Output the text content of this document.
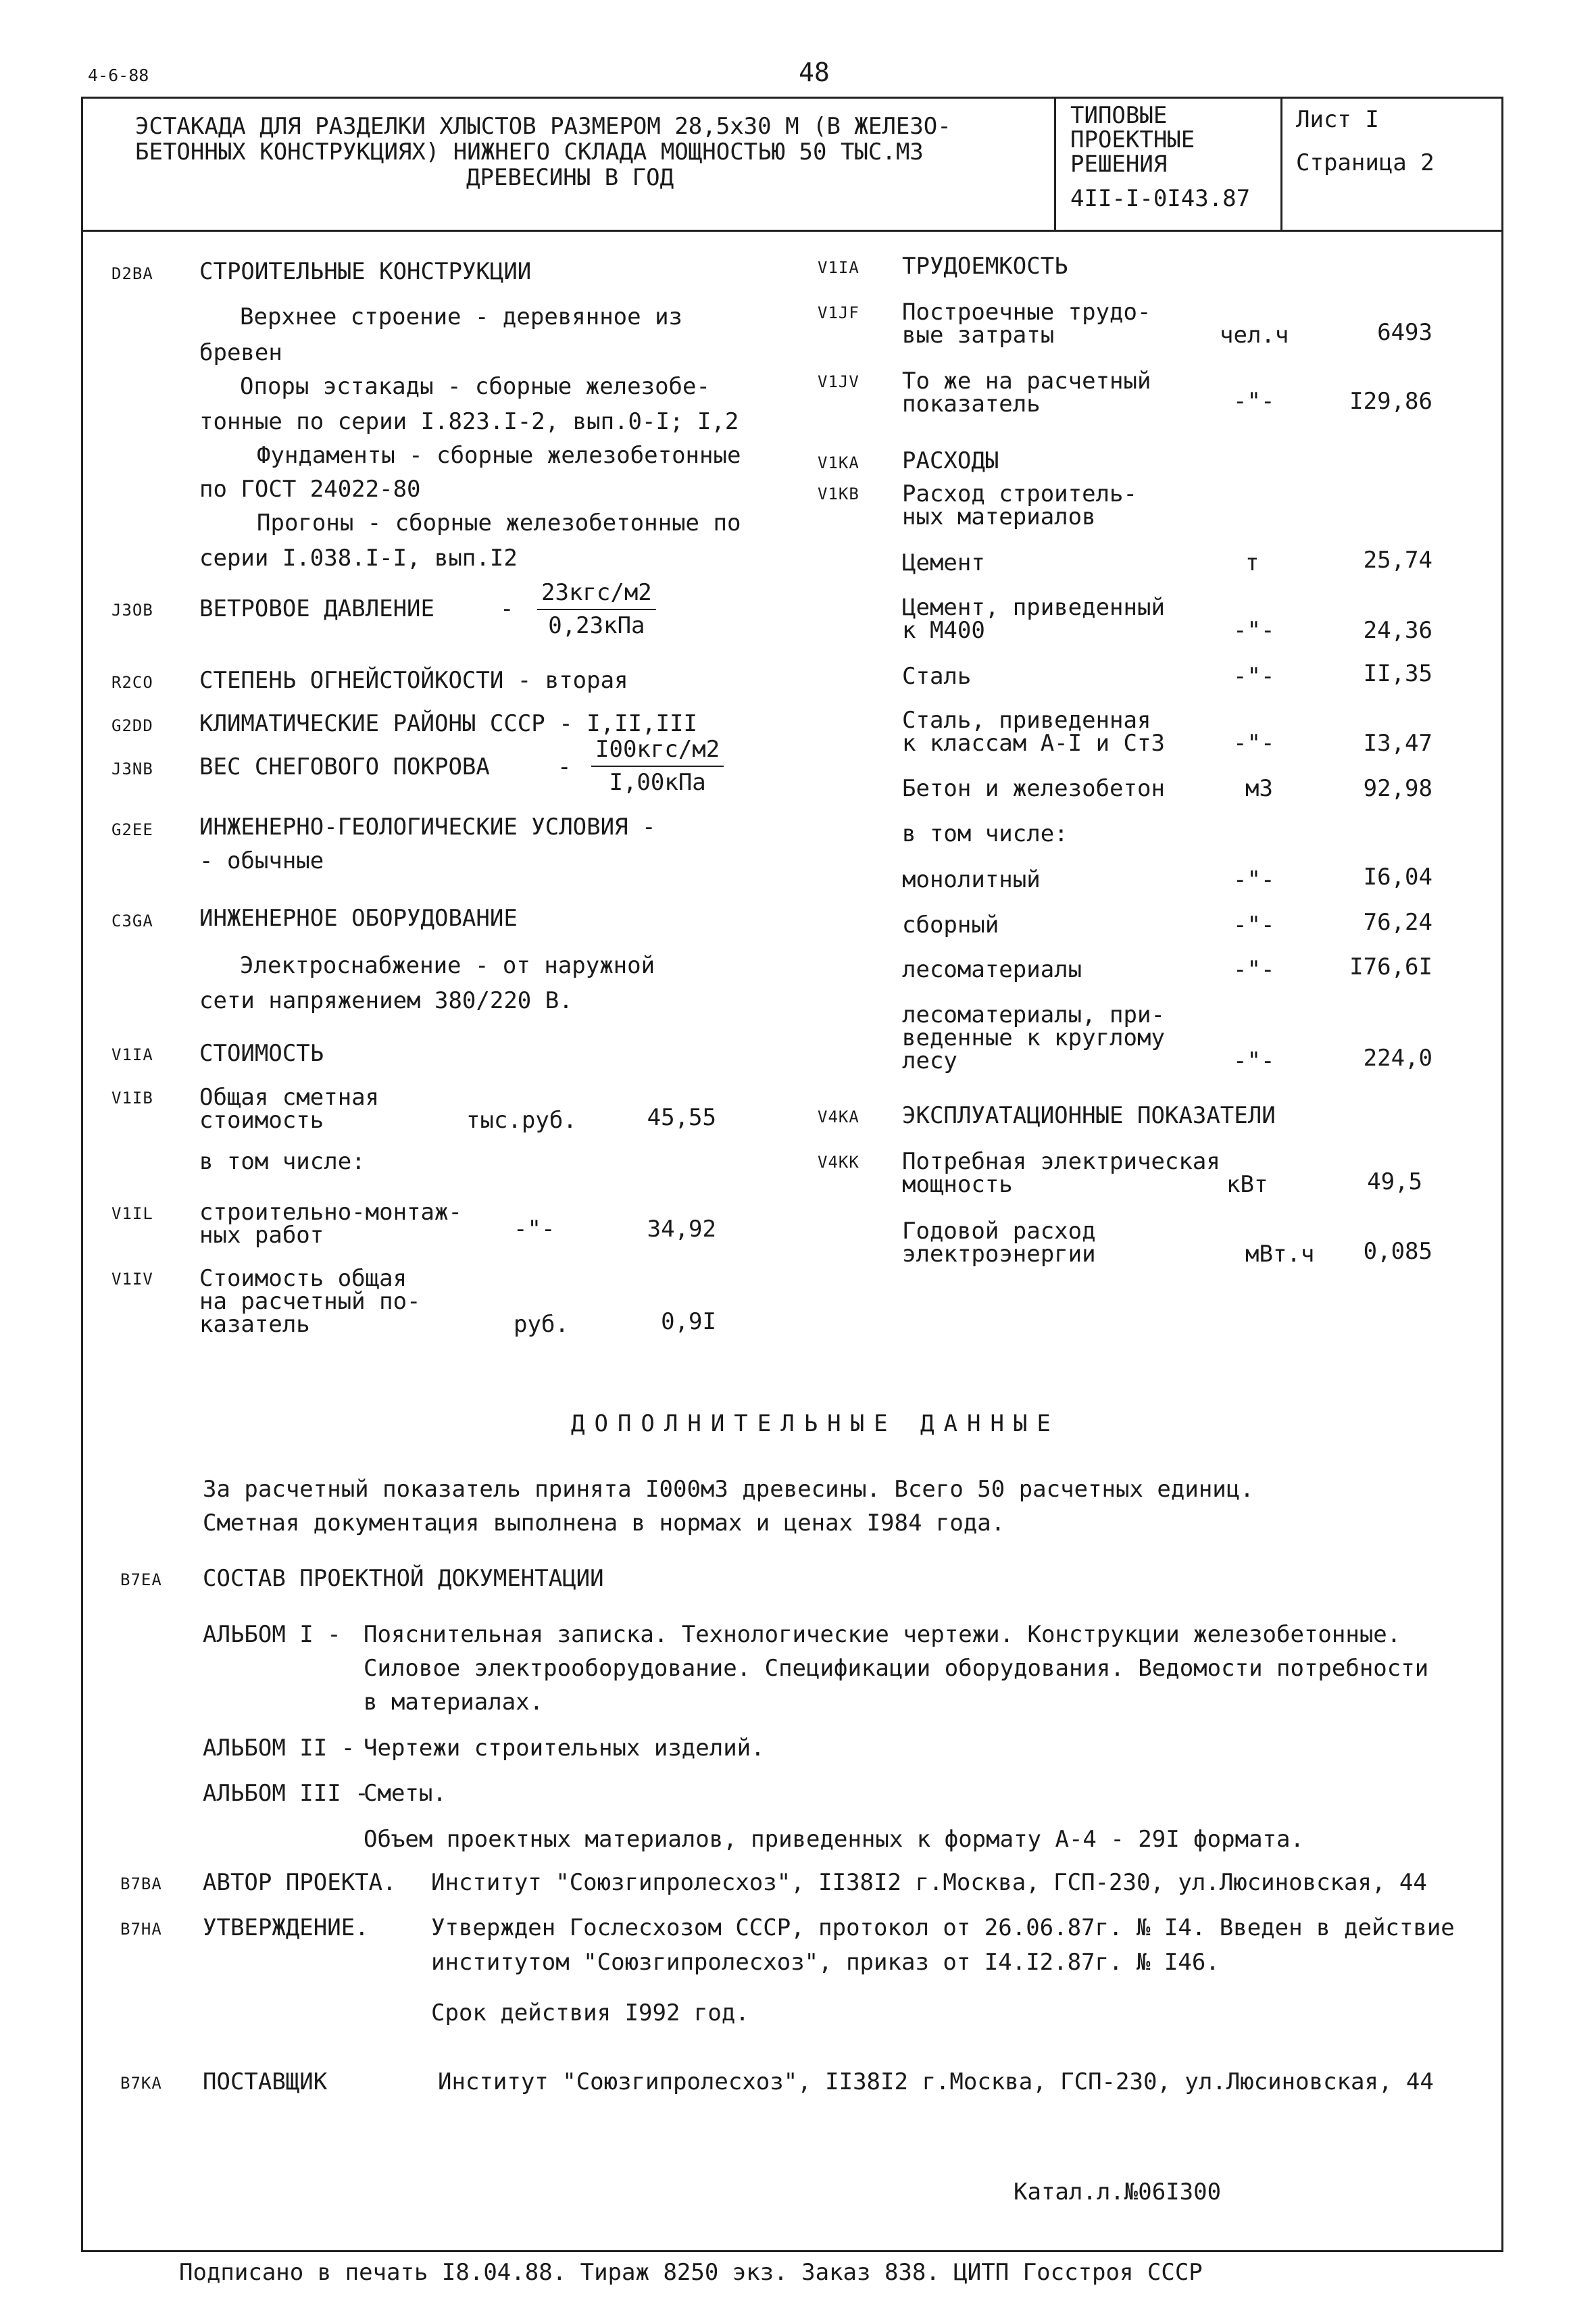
4-6-88	48
ЭСТАКАДА ДЛЯ РАЗДЕЛКИ ХЛЫСТОВ РАЗМЕРОМ 28,5х30 М (В ЖЕЛЕЗО-
БЕТОННЫХ КОНСТРУКЦИЯХ) НИЖНЕГО СКЛАДА МОЩНОСТЬЮ 50 ТЫС.М3
ДРЕВЕСИНЫ В ГОД
ТИПОВЫЕ
ПРОЕКТНЫЕ
РЕШЕНИЯ
4II-I-0I43.87
Лист I
Страница 2
D2BA СТРОИТЕЛЬНЫЕ КОНСТРУКЦИИ
Верхнее строение - деревянное из
бревен
Опоры эстакады - сборные железобе-
тонные по серии I.823.I-2, вып.0-I; I,2
Фундаменты - сборные железобетонные
по ГОСТ 24022-80
Прогоны - сборные железобетонные по
серии I.038.I-I, вып.I2
J3OB ВЕТРОВОЕ ДАВЛЕНИЕ	-
23кгс/м2
0,23кПа
R2CO СТЕПЕНЬ ОГНЕЙСТОЙКОСТИ - вторая
G2DD КЛИМАТИЧЕСКИЕ РАЙОНЫ СССР - I,II,III
J3NB ВЕС СНЕГОВОГО ПОКРОВА	-
I00кгс/м2
I,00кПа
G2EE ИНЖЕНЕРНО-ГЕОЛОГИЧЕСКИЕ УСЛОВИЯ -
- обычные
C3GA ИНЖЕНЕРНОЕ ОБОРУДОВАНИЕ
Электроснабжение - от наружной
сети напряжением 380/220 В.
V1IA СТОИМОСТЬ
V1IB Общая сметная
стоимость	тыс.руб.	45,55
в том числе:
V1IL строительно-монтаж-
ных работ	-"-	34,92
V1IV Стоимость общая
на расчетный по-
казатель	руб.	0,9I
V1IA ТРУДОЕМКОСТЬ
V1JF Построечные трудо-
вые затраты	чел.ч	6493
V1JV То же на расчетный
показатель	-"-	I29,86
V1KA РАСХОДЫ
V1KB Расход строитель-
ных материалов
Цемент	т	25,74
Цемент, приведенный
к М400	-"-	24,36
Сталь	-"-	II,35
Сталь, приведенная
к классам А-I и Ст3	-"-	I3,47
Бетон и железобетон	м3	92,98
в том числе:
монолитный	-"-	I6,04
сборный	-"-	76,24
лесоматериалы	-"-	I76,6I
лесоматериалы, при-
веденные к круглому
лесу	-"-	224,0
V4KA ЭКСПЛУАТАЦИОННЫЕ ПОКАЗАТЕЛИ
V4KK Потребная электрическая
мощность	кВт	49,5
Годовой расход
электроэнергии	мВт.ч	0,085
ДОПОЛНИТЕЛЬНЫЕ ДАННЫЕ
За расчетный показатель принята I000м3 древесины. Всего 50 расчетных единиц.
Сметная документация выполнена в нормах и ценах I984 года.
B7EA СОСТАВ ПРОЕКТНОЙ ДОКУМЕНТАЦИИ
АЛЬБОМ I - Пояснительная записка. Технологические чертежи. Конструкции железобетонные.
Силовое электрооборудование. Спецификации оборудования. Ведомости потребности
в материалах.
АЛЬБОМ II - Чертежи строительных изделий.
АЛЬБОМ III -
Сметы.
Объем проектных материалов, приведенных к формату А-4 - 29I формата.
B7BA АВТОР ПРОЕКТА. Институт "Союзгипролесхоз", II38I2 г.Москва, ГСП-230, ул.Люсиновская, 44
B7HA УТВЕРЖДЕНИЕ.	Утвержден Гослесхозом СССР, протокол от 26.06.87г. № I4. Введен в действие
институтом "Союзгипролесхоз", приказ от I4.I2.87г. № I46.
Срок действия I992 год.
B7KA ПОСТАВЩИК	Институт "Союзгипролесхоз", II38I2 г.Москва, ГСП-230, ул.Люсиновская, 44
Катал.л.№06I300
Подписано в печать I8.04.88. Тираж 8250 экз. Заказ 838. ЦИТП Госстроя СССР
